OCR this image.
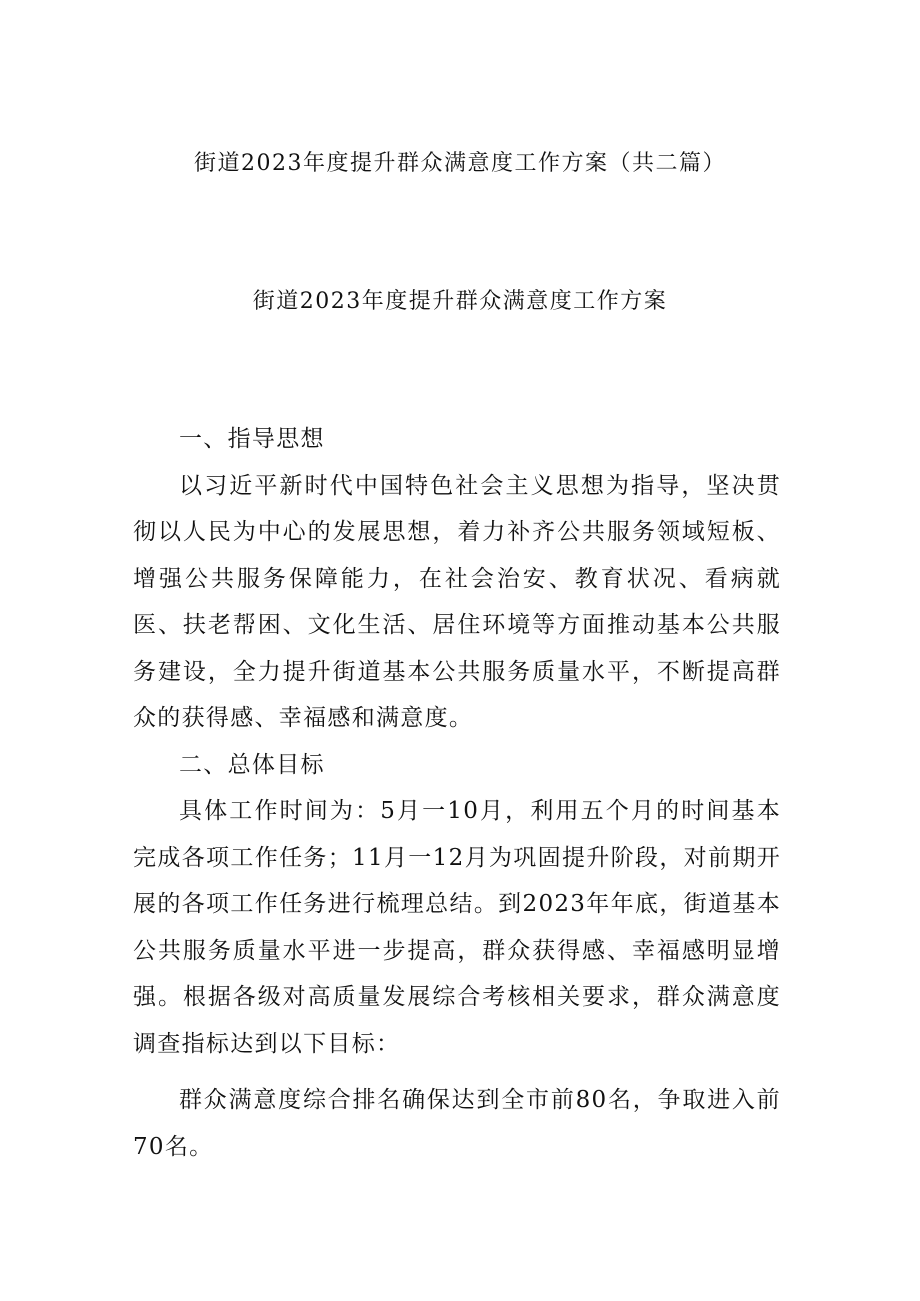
街道2023年度提升群众满意度工作方案（共二篇）
街道2023年度提升群众满意度工作方案

一、指导思想

以习近平新时代中国特色社会主义思想为指导，坚决贯彻以人民为中心的发展思想，着力补齐公共服务领域短板、增强公共服务保障能力，在社会治安、教育状况、看病就医、扶老帮困、文化生活、居住环境等方面推动基本公共服务建设，全力提升街道基本公共服务质量水平，不断提高群众的获得感、幸福感和满意度。

二、总体目标

具体工作时间为：5月一10月，利用五个月的时间基本完成各项工作任务；11月一12月为巩固提升阶段，对前期开展的各项工作任务进行梳理总结。到2023年年底，街道基本公共服务质量水平进一步提高，群众获得感、幸福感明显增强。根据各级对高质量发展综合考核相关要求，群众满意度调查指标达到以下目标：

群众满意度综合排名确保达到全市前80名，争取进入前70名。
